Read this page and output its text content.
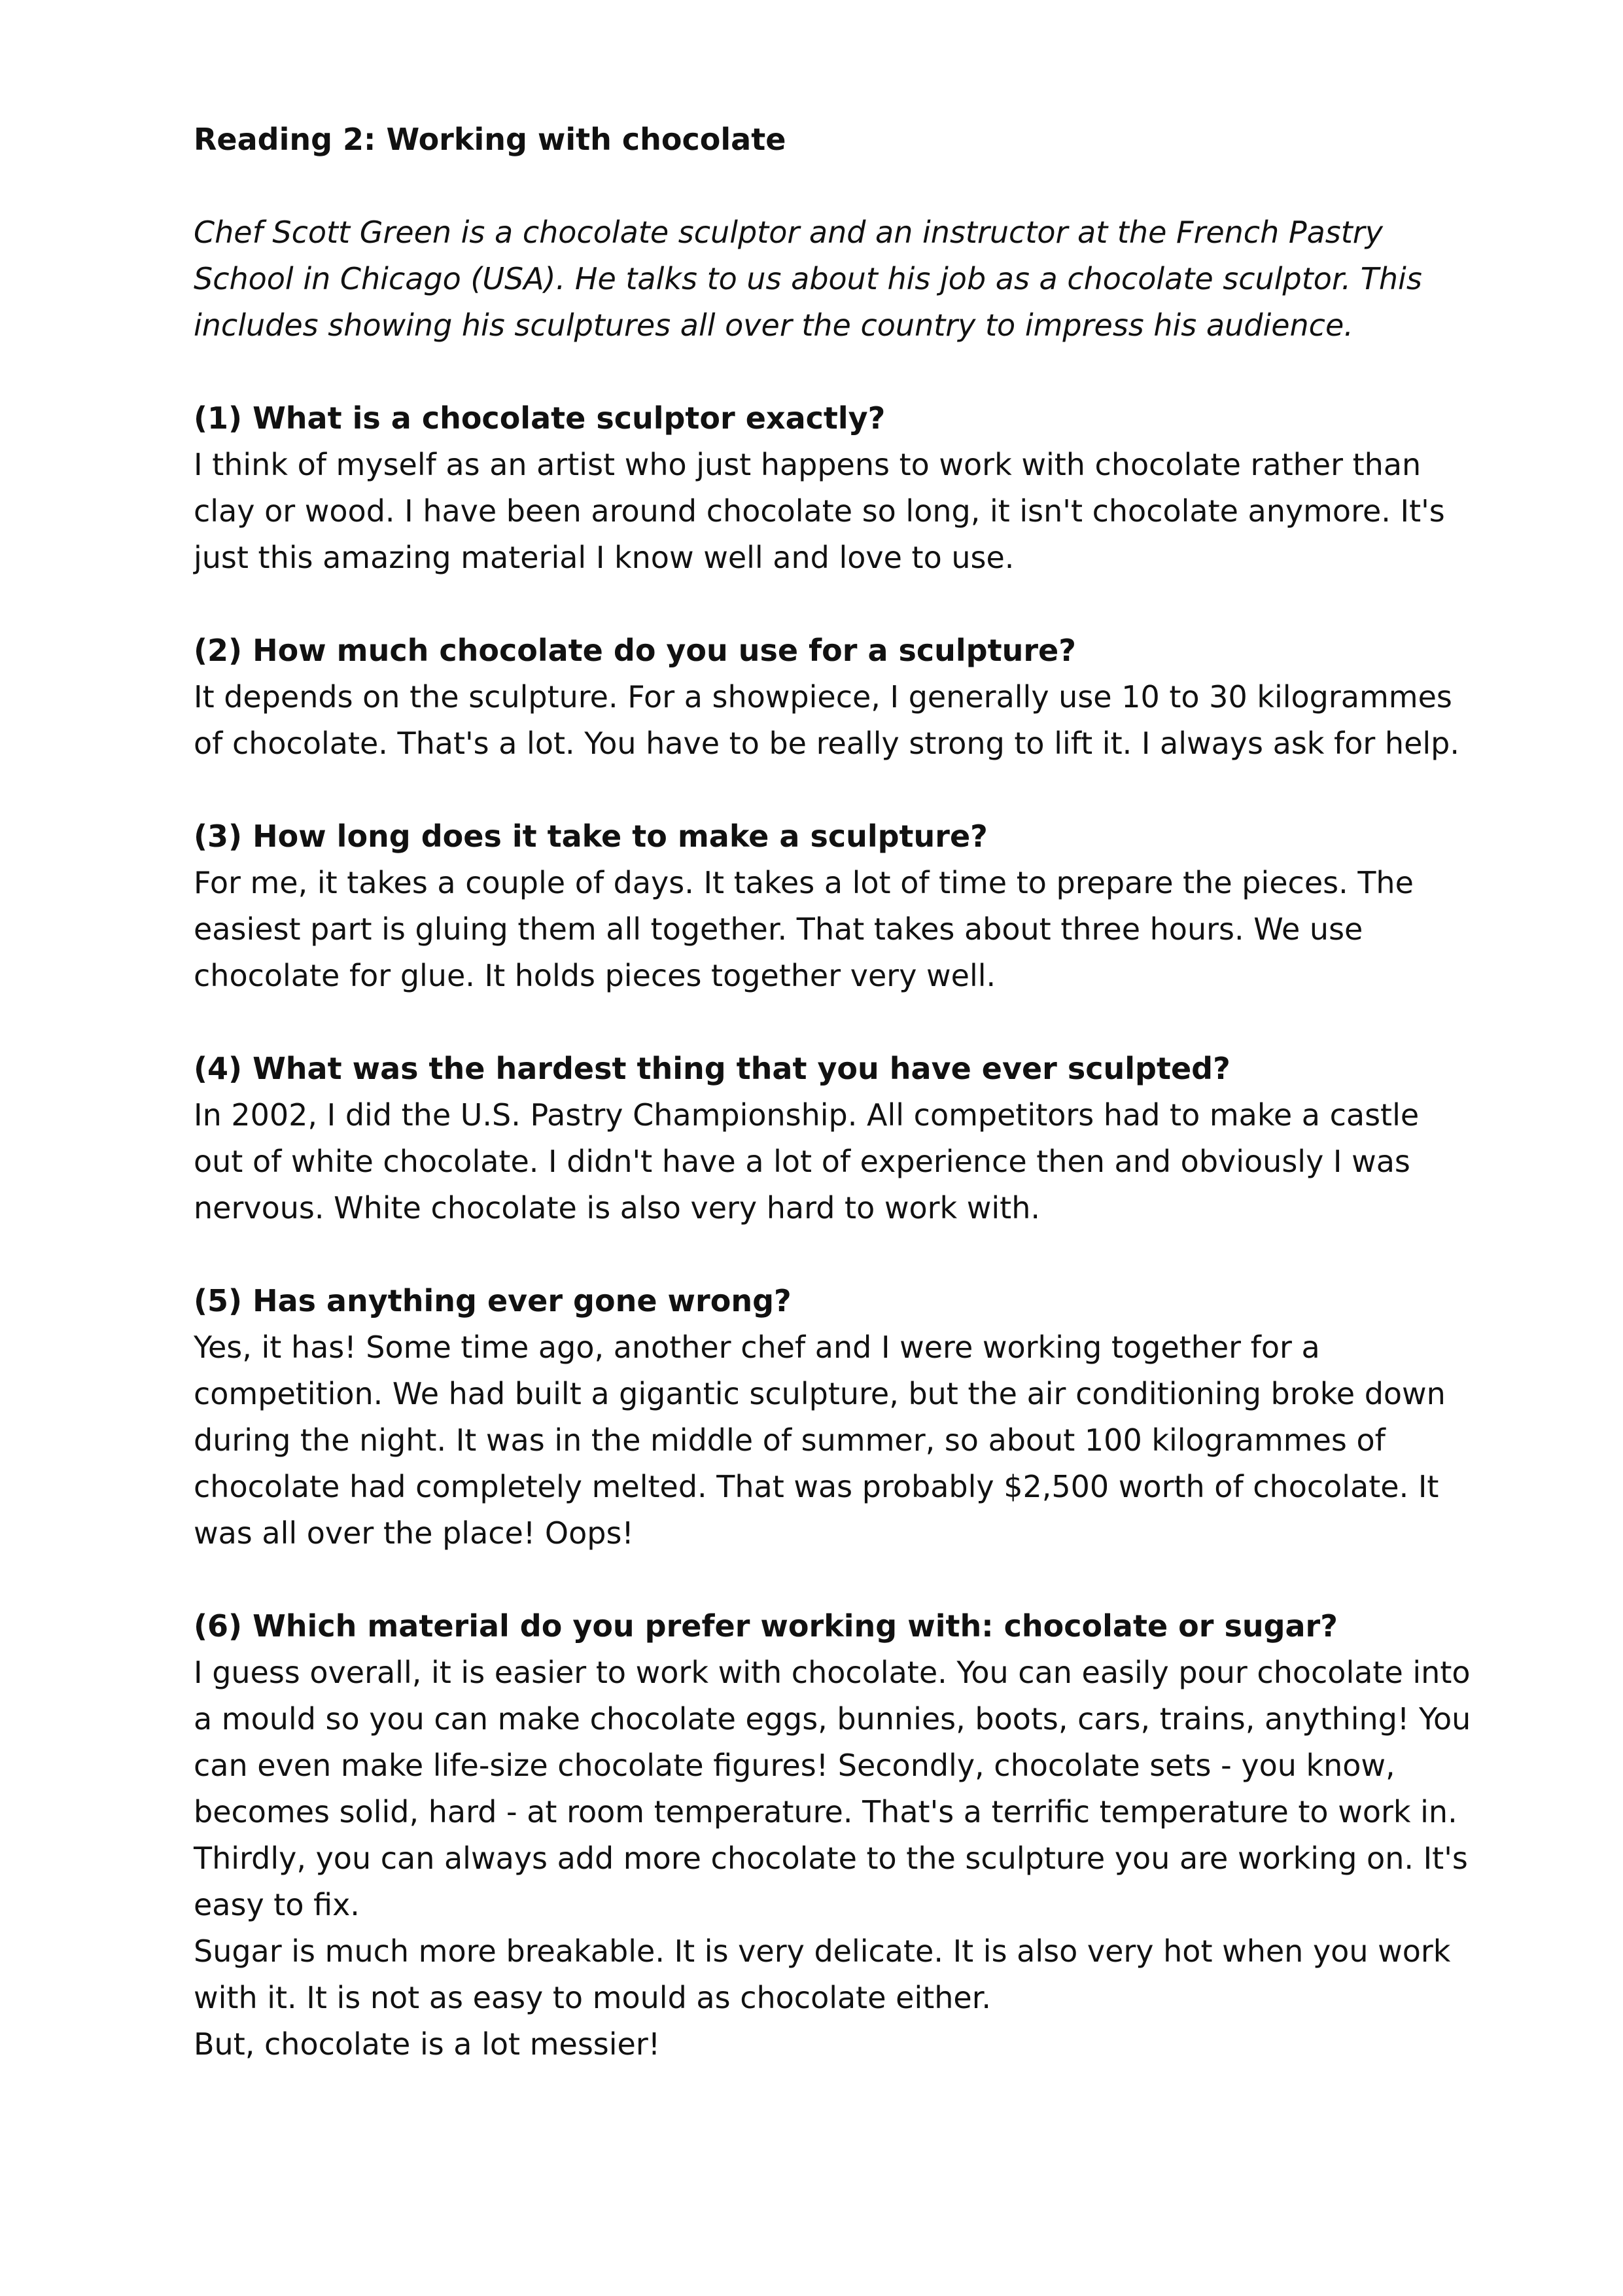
Reading 2: Working with chocolate

Chef Scott Green is a chocolate sculptor and an instructor at the French Pastry School in Chicago (USA). He talks to us about his job as a chocolate sculptor. This includes showing his sculptures all over the country to impress his audience.

(1) What is a chocolate sculptor exactly?

I think of myself as an artist who just happens to work with chocolate rather than clay or wood. I have been around chocolate so long, it isn't chocolate anymore. It's just this amazing material I know well and love to use.

(2) How much chocolate do you use for a sculpture?

It depends on the sculpture. For a showpiece, I generally use 10 to 30 kilogrammes of chocolate. That's a lot. You have to be really strong to lift it. I always ask for help.

(3) How long does it take to make a sculpture?

For me, it takes a couple of days. It takes a lot of time to prepare the pieces. The easiest part is gluing them all together. That takes about three hours. We use chocolate for glue. It holds pieces together very well.

(4) What was the hardest thing that you have ever sculpted?

In 2002, I did the U.S. Pastry Championship. All competitors had to make a castle out of white chocolate. I didn't have a lot of experience then and obviously I was nervous. White chocolate is also very hard to work with.

(5) Has anything ever gone wrong?

Yes, it has! Some time ago, another chef and I were working together for a competition. We had built a gigantic sculpture, but the air conditioning broke down during the night. It was in the middle of summer, so about 100 kilogrammes of chocolate had completely melted. That was probably $2,500 worth of chocolate. It was all over the place! Oops!

(6) Which material do you prefer working with: chocolate or sugar?

I guess overall, it is easier to work with chocolate. You can easily pour chocolate into a mould so you can make chocolate eggs, bunnies, boots, cars, trains, anything! You can even make life-size chocolate figures! Secondly, chocolate sets - you know, becomes solid, hard - at room temperature. That's a terrific temperature to work in. Thirdly, you can always add more chocolate to the sculpture you are working on. It's easy to fix.

Sugar is much more breakable. It is very delicate. It is also very hot when you work with it. It is not as easy to mould as chocolate either.

But, chocolate is a lot messier!
